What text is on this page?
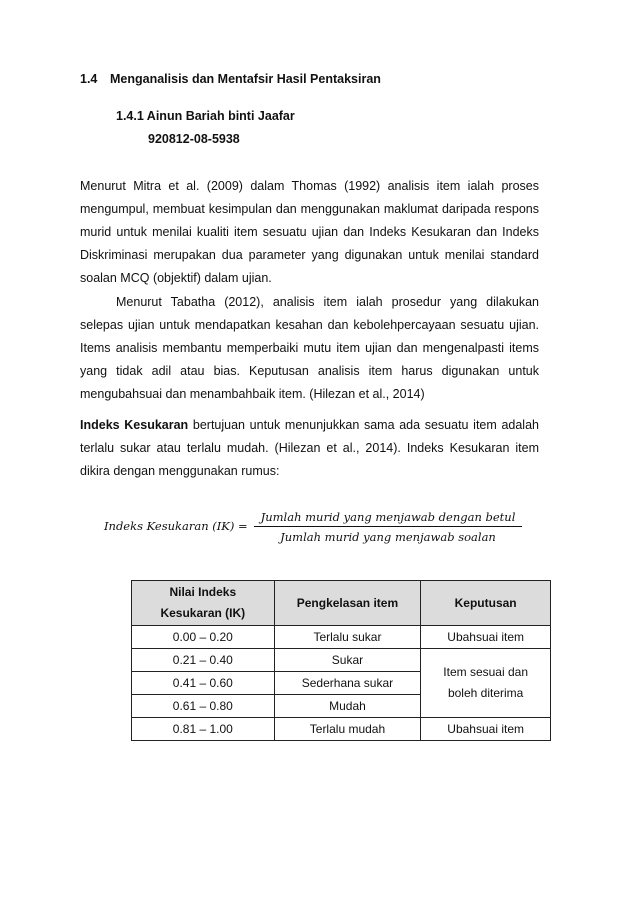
1.4 Menganalisis dan Mentafsir Hasil Pentaksiran
1.4.1 Ainun Bariah binti Jaafar
920812-08-5938
Menurut Mitra et al. (2009) dalam Thomas (1992) analisis item ialah proses mengumpul, membuat kesimpulan dan menggunakan maklumat daripada respons murid untuk menilai kualiti item sesuatu ujian dan Indeks Kesukaran dan Indeks Diskriminasi merupakan dua parameter yang digunakan untuk menilai standard soalan MCQ (objektif) dalam ujian.
Menurut Tabatha (2012), analisis item ialah prosedur yang dilakukan selepas ujian untuk mendapatkan kesahan dan kebolehpercayaan sesuatu ujian. Items analisis membantu memperbaiki mutu item ujian dan mengenalpasti items yang tidak adil atau bias. Keputusan analisis item harus digunakan untuk mengubahsuai dan menambahbaik item. (Hilezan et al., 2014)
Indeks Kesukaran bertujuan untuk menunjukkan sama ada sesuatu item adalah terlalu sukar atau terlalu mudah. (Hilezan et al., 2014). Indeks Kesukaran item dikira dengan menggunakan rumus:
Indeks Kesukaran (IK) =
Jumlah murid yang menjawab dengan betul
Jumlah murid yang menjawab soalan
Nilai Indeks
Kesukaran (IK)	Pengkelasan item	Keputusan
0.00 – 0.20	Terlalu sukar	Ubahsuai item
0.21 – 0.40	Sukar	Item sesuai dan
boleh diterima
0.41 – 0.60	Sederhana sukar	
0.61 – 0.80	Mudah	
0.81 – 1.00	Terlalu mudah	Ubahsuai item
